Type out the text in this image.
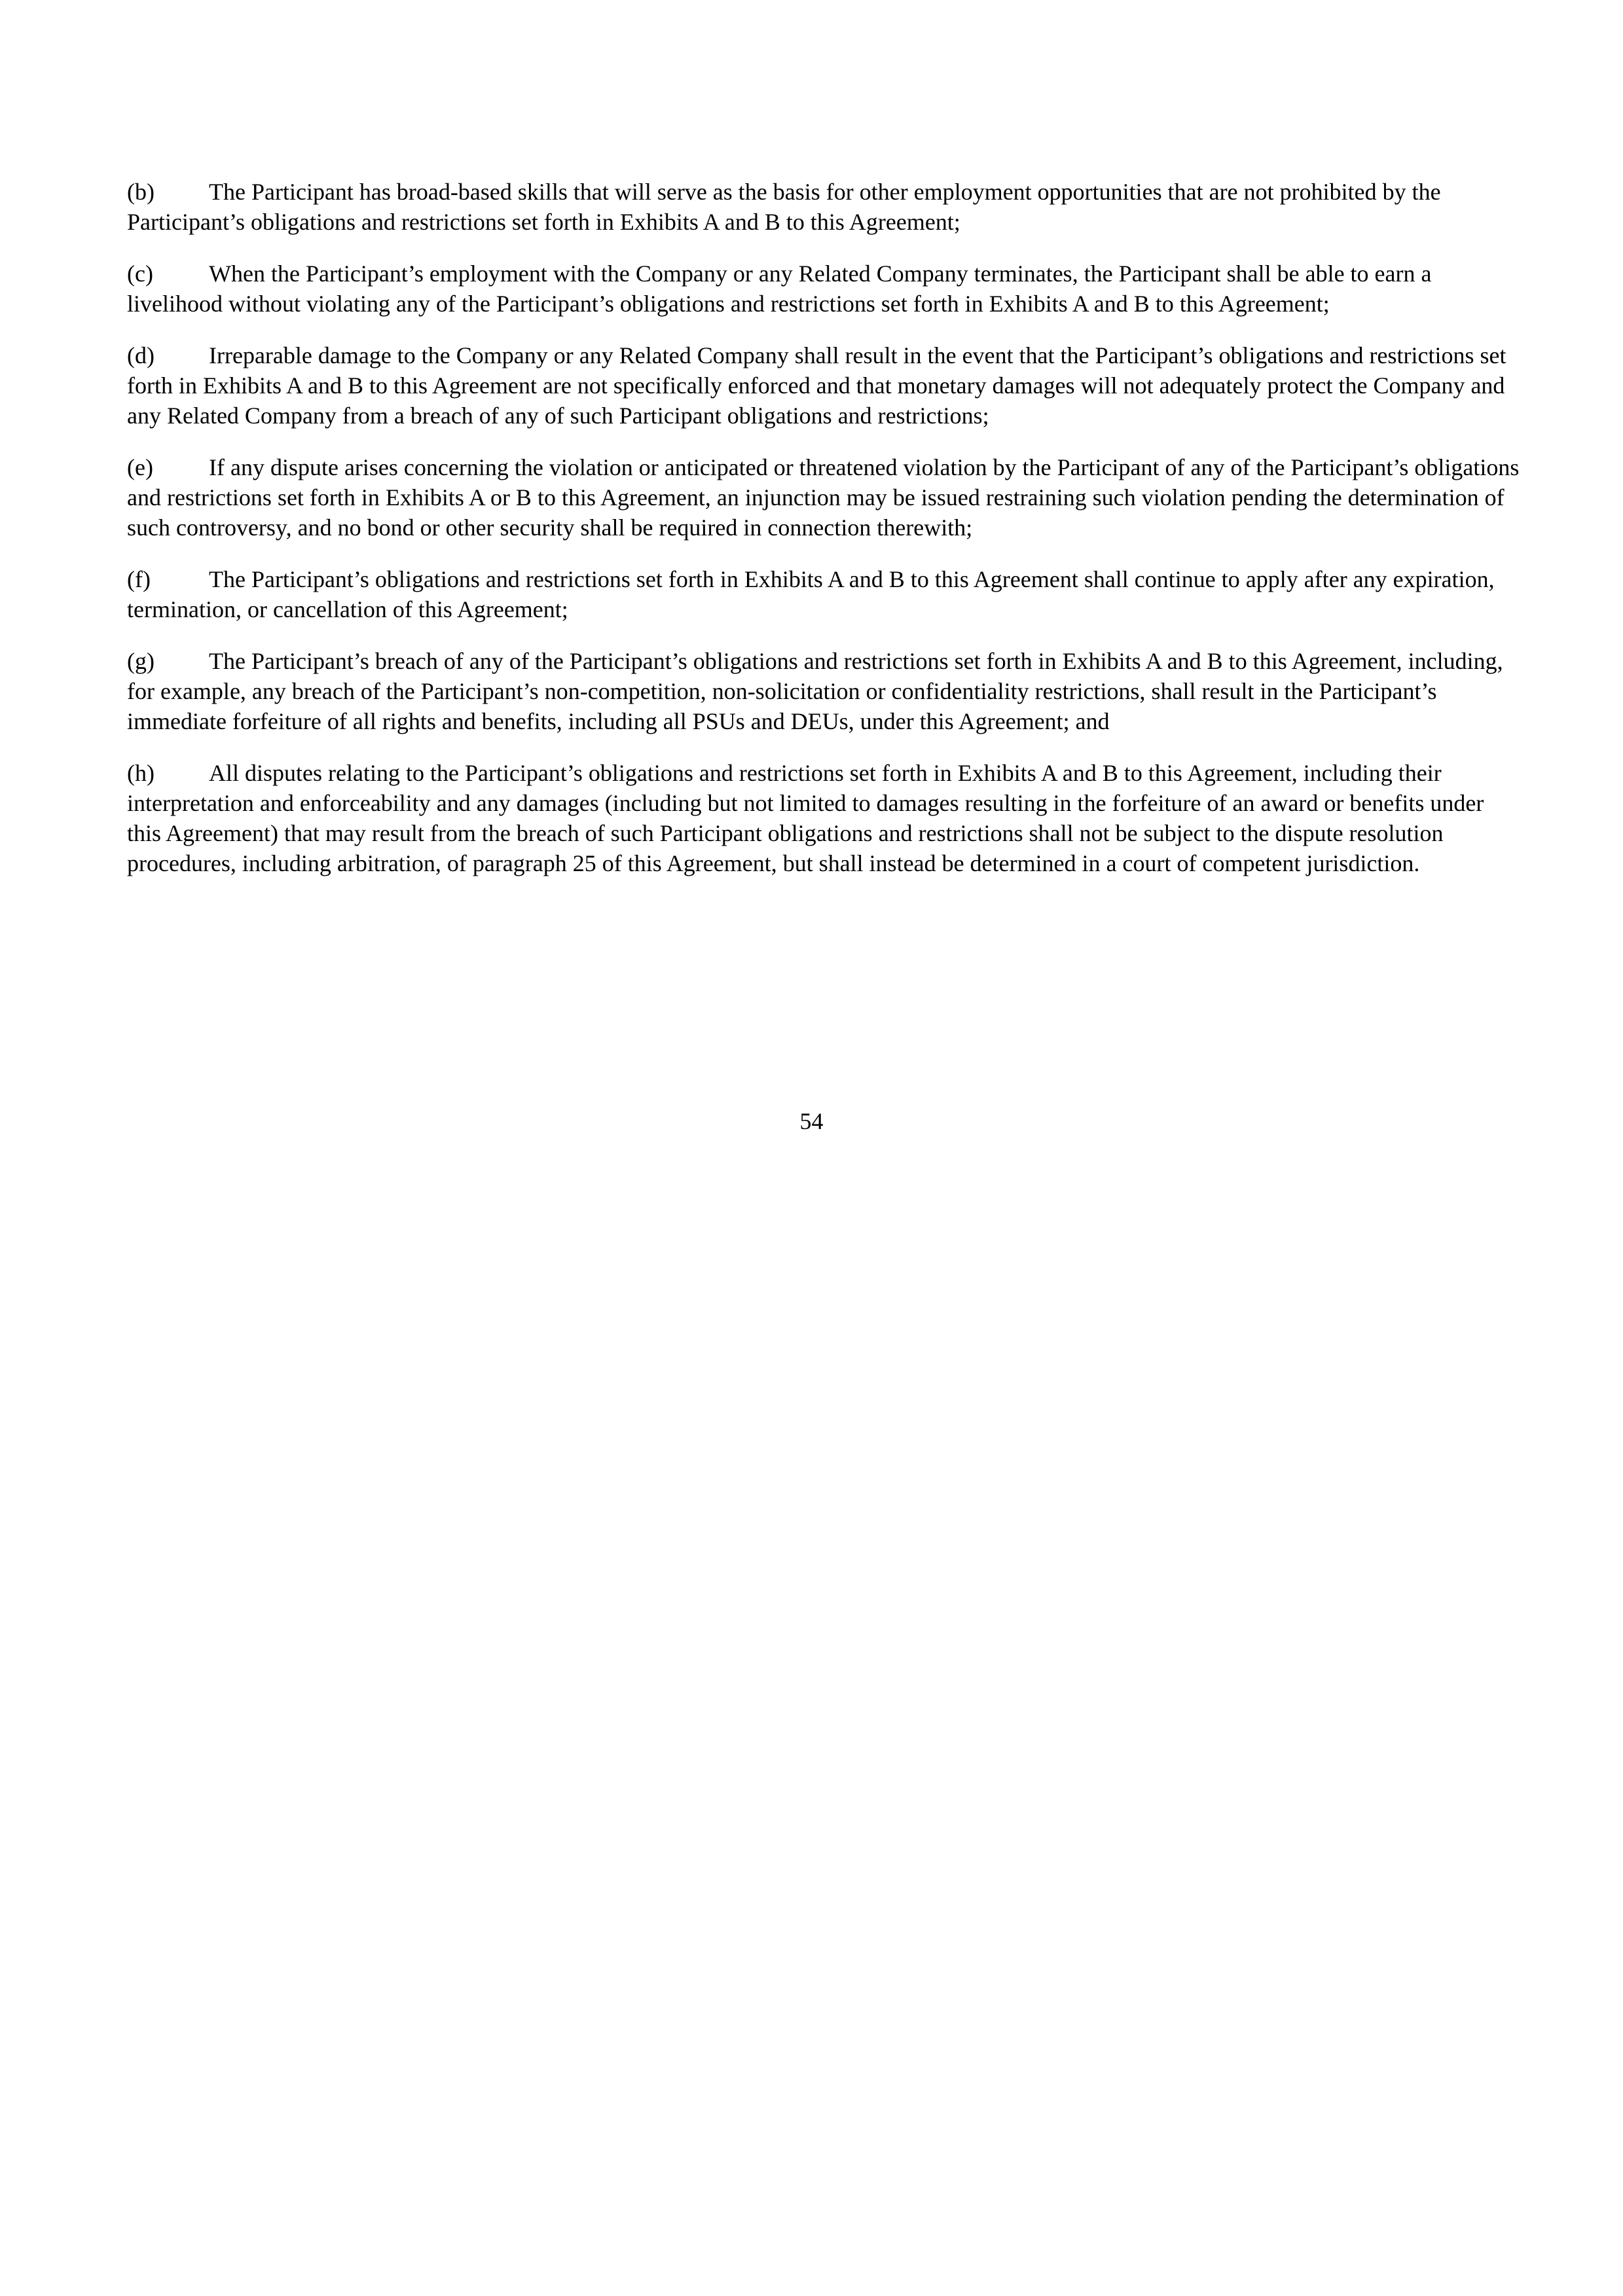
(b) The Participant has broad-based skills that will serve as the basis for other employment opportunities that are not prohibited by the Participant’s obligations and restrictions set forth in Exhibits A and B to this Agreement;

(c) When the Participant’s employment with the Company or any Related Company terminates, the Participant shall be able to earn a livelihood without violating any of the Participant’s obligations and restrictions set forth in Exhibits A and B to this Agreement;

(d) Irreparable damage to the Company or any Related Company shall result in the event that the Participant’s obligations and restrictions set forth in Exhibits A and B to this Agreement are not specifically enforced and that monetary damages will not adequately protect the Company and any Related Company from a breach of any of such Participant obligations and restrictions;

(e) If any dispute arises concerning the violation or anticipated or threatened violation by the Participant of any of the Participant’s obligations and restrictions set forth in Exhibits A or B to this Agreement, an injunction may be issued restraining such violation pending the determination of such controversy, and no bond or other security shall be required in connection therewith;

(f) The Participant’s obligations and restrictions set forth in Exhibits A and B to this Agreement shall continue to apply after any expiration, termination, or cancellation of this Agreement;

(g) The Participant’s breach of any of the Participant’s obligations and restrictions set forth in Exhibits A and B to this Agreement, including, for example, any breach of the Participant’s non-competition, non-solicitation or confidentiality restrictions, shall result in the Participant’s immediate forfeiture of all rights and benefits, including all PSUs and DEUs, under this Agreement; and

(h) All disputes relating to the Participant’s obligations and restrictions set forth in Exhibits A and B to this Agreement, including their interpretation and enforceability and any damages (including but not limited to damages resulting in the forfeiture of an award or benefits under this Agreement) that may result from the breach of such Participant obligations and restrictions shall not be subject to the dispute resolution procedures, including arbitration, of paragraph 25 of this Agreement, but shall instead be determined in a court of competent jurisdiction.

54
